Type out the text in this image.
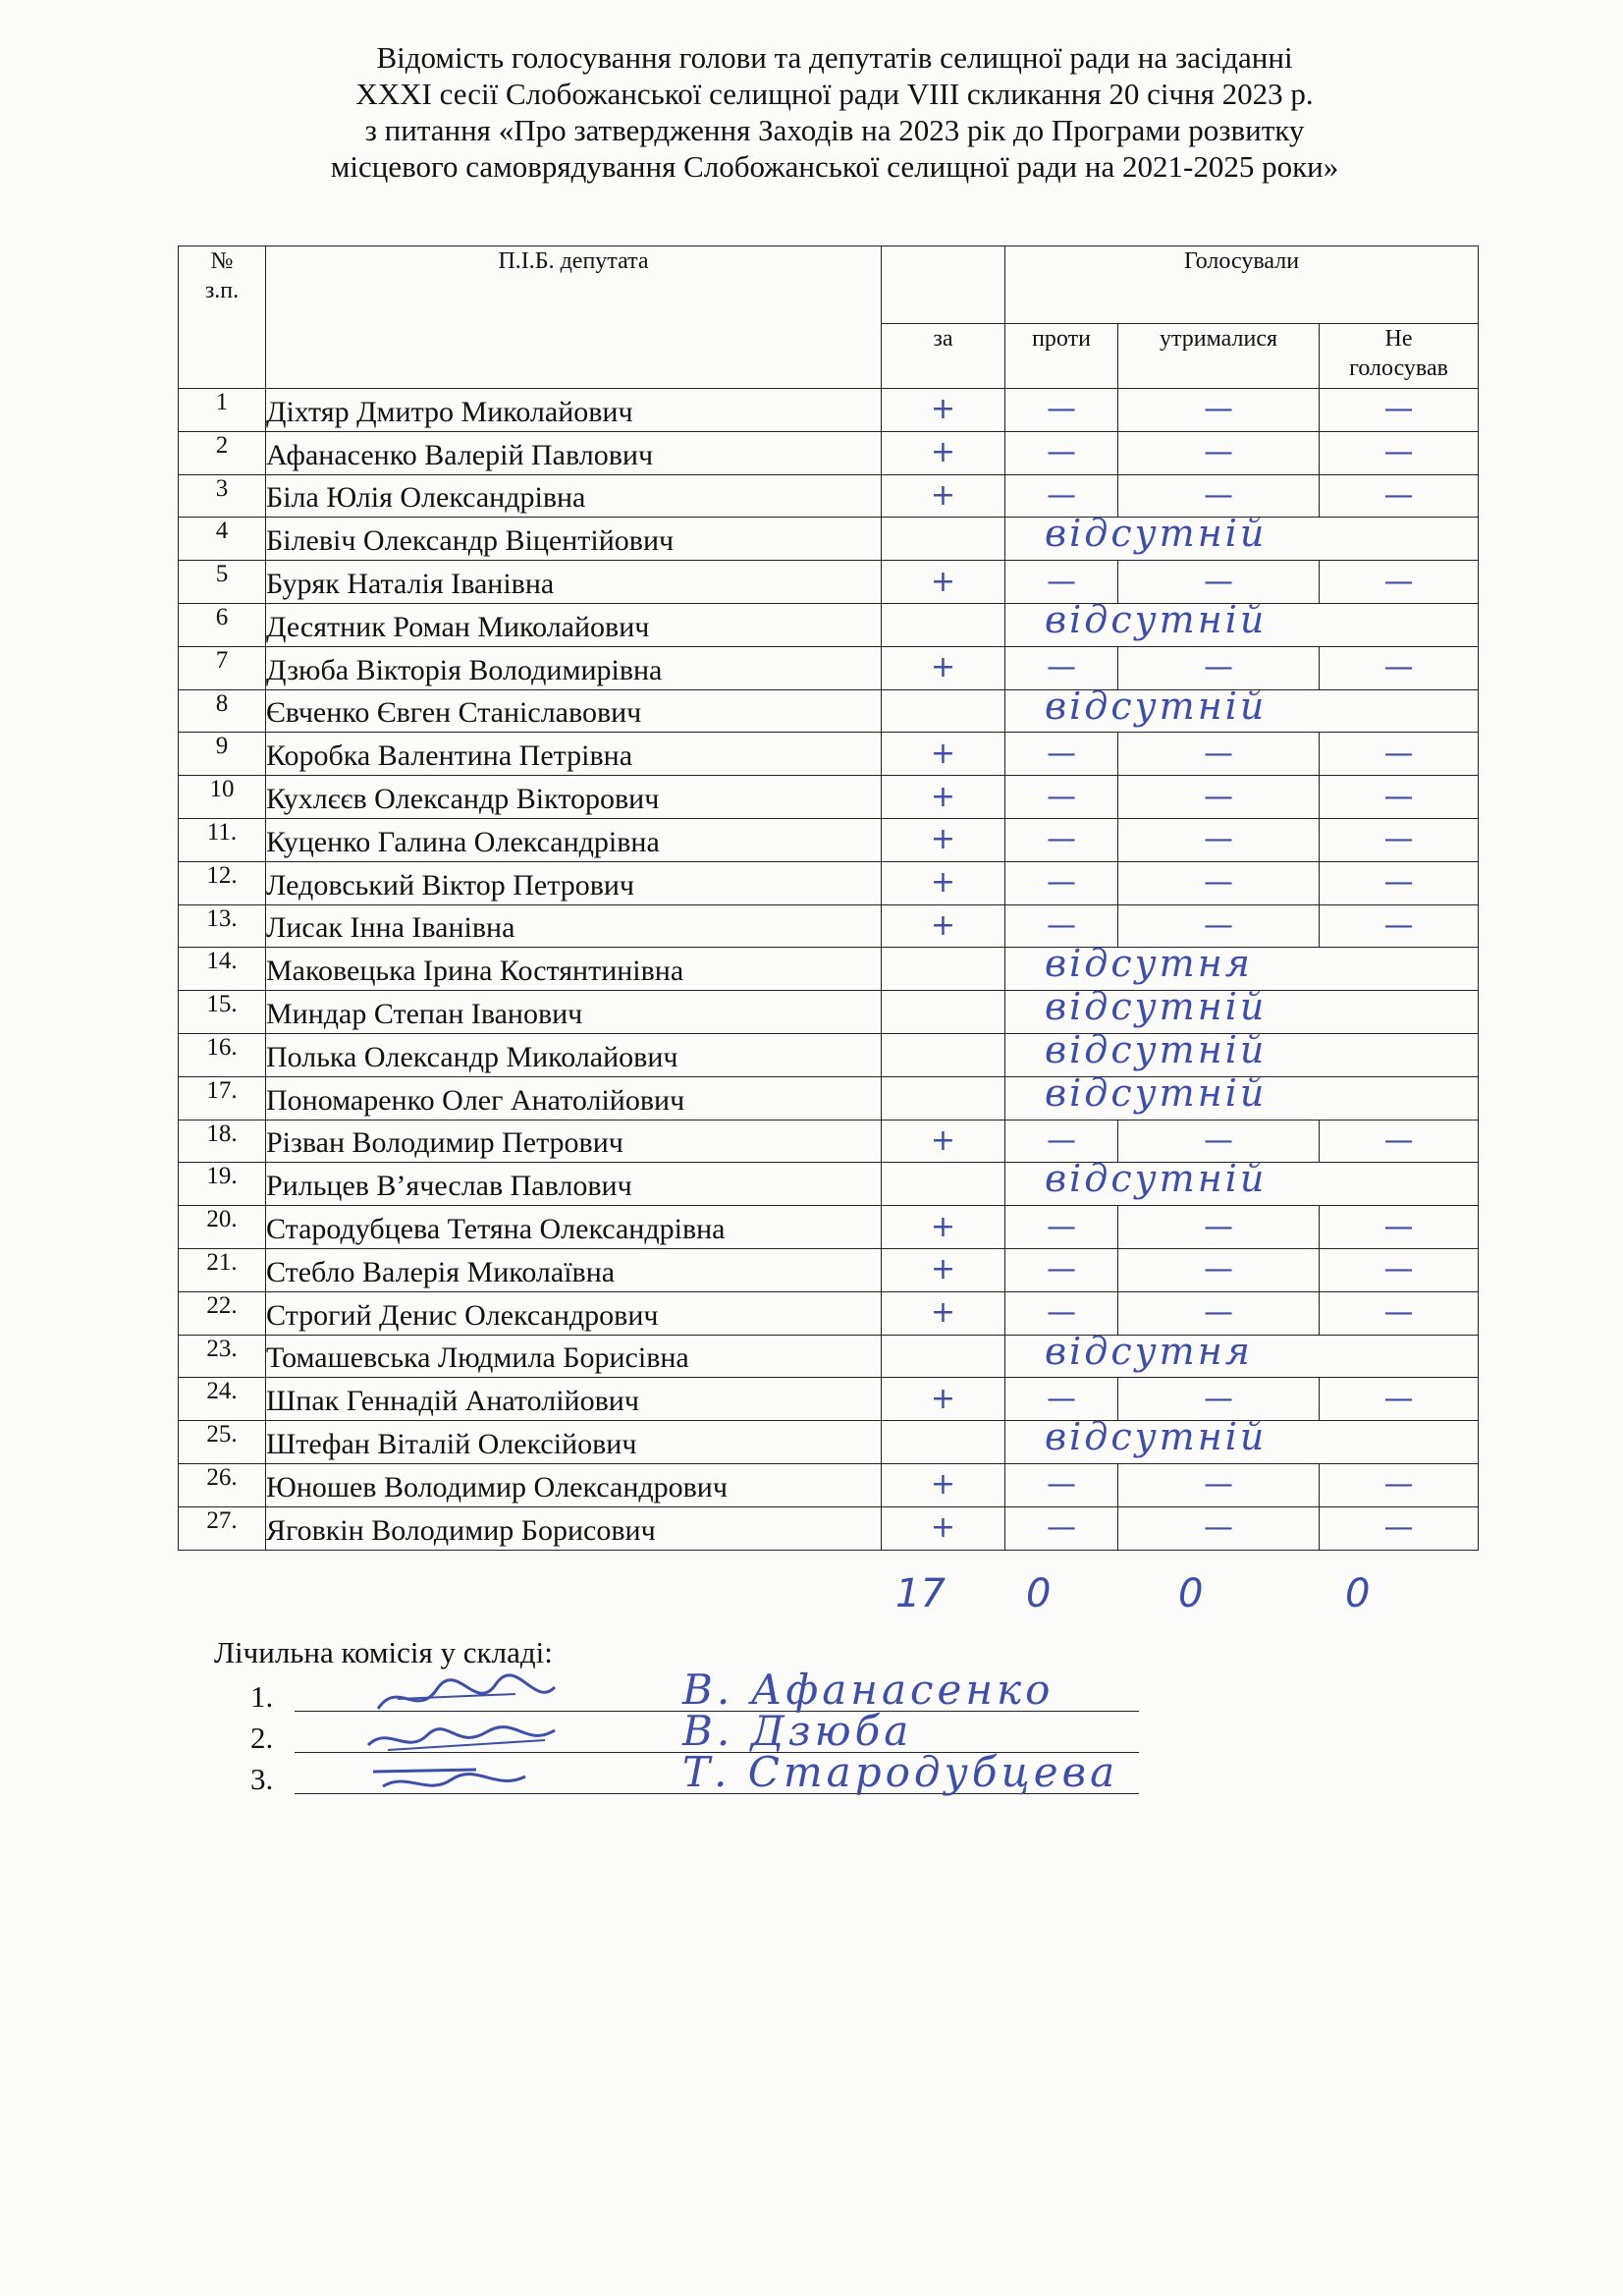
Відомість голосування голови та депутатів селищної ради на засіданні
XXXI сесії Слобожанської селищної ради VIII скликання 20 січня 2023 р.
з питання «Про затвердження Заходів на 2023 рік до Програми розвитку
місцевого самоврядування Слобожанської селищної ради на 2021-2025 роки»
№
з.п.	П.І.Б. депутата		Голосували		
		за	проти	утрималися	Не
голосував
1	Діхтяр Дмитро Миколайович	+	—	—	—
2	Афанасенко Валерій Павлович	+	—	—	—
3	Біла Юлія Олександрівна	+	—	—	—
4	Білевіч Олександр Віцентійович		відсутній		

5	Буряк Наталія Іванівна	+	—	—	—
6	Десятник Роман Миколайович		відсутній		

7	Дзюба Вікторія Володимирівна	+	—	—	—
8	Євченко Євген Станіславович		відсутній		

9	Коробка Валентина Петрівна	+	—	—	—
10	Кухлєєв Олександр Вікторович	+	—	—	—
11.	Куценко Галина Олександрівна	+	—	—	—
12.	Ледовський Віктор Петрович	+	—	—	—
13.	Лисак Інна Іванівна	+	—	—	—
14.	Маковецька Ірина Костянтинівна		відсутня		

15.	Миндар Степан Іванович		відсутній		

16.	Полька Олександр Миколайович		відсутній		

17.	Пономаренко Олег Анатолійович		відсутній		

18.	Різван Володимир Петрович	+	—	—	—
19.	Рильцев В’ячеслав Павлович		відсутній		

20.	Стародубцева Тетяна Олександрівна	+	—	—	—
21.	Стебло Валерія Миколаївна	+	—	—	—
22.	Строгий Денис Олександрович	+	—	—	—
23.	Томашевська Людмила Борисівна		відсутня		

24.	Шпак Геннадій Анатолійович	+	—	—	—
25.	Штефан Віталій Олексійович		відсутній		

26.	Юношев Володимир Олександрович	+	—	—	—
27.	Яговкін Володимир Борисович	+	—	—	—
17 0	0	0
Лічильна комісія у складі:
1.	В. Афанасенко
2.	В. Дзюба
3.	Т. Стародубцева
